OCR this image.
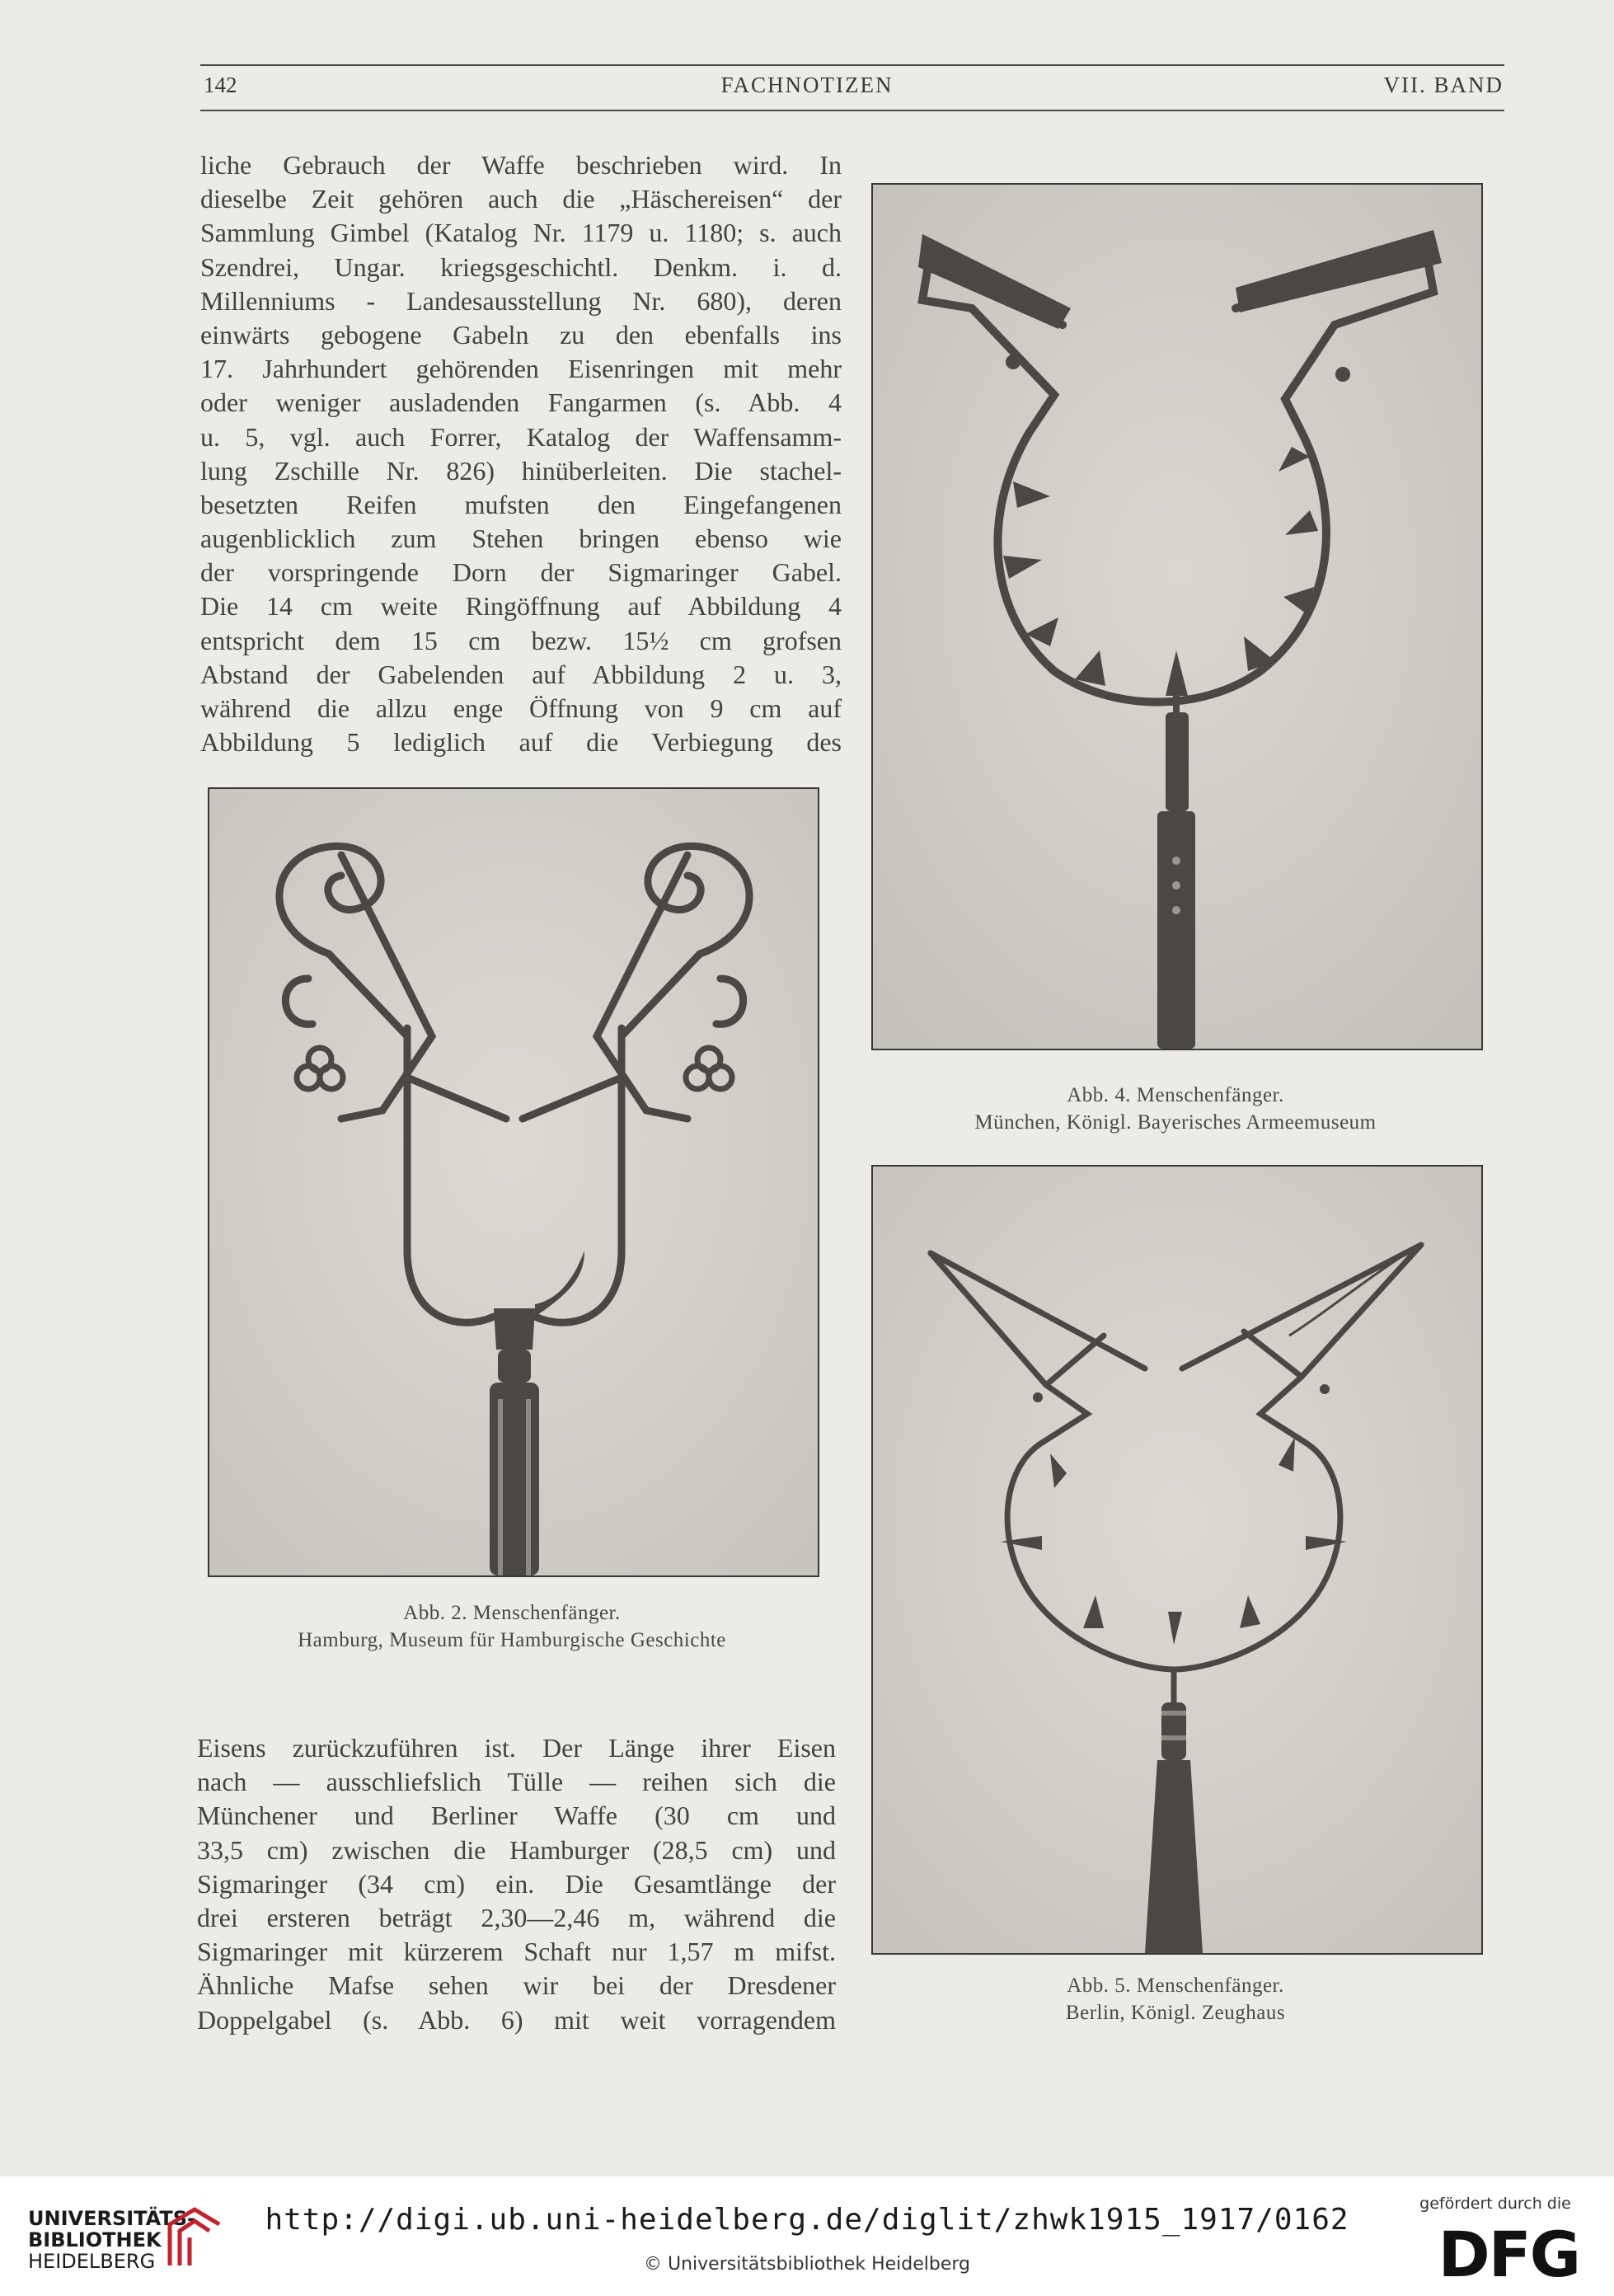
142	FACHNOTIZEN	VII. BAND
liche Gebrauch der Waffe beschrieben wird. In
dieselbe Zeit gehören auch die „Häschereisen“ der
Sammlung Gimbel (Katalog Nr. 1179 u. 1180; s. auch
Szendrei, Ungar. kriegsgeschichtl. Denkm. i. d.
Millenniums - Landesausstellung Nr. 680), deren
einwärts gebogene Gabeln zu den ebenfalls ins
17. Jahrhundert gehörenden Eisenringen mit mehr
oder weniger ausladenden Fangarmen (s. Abb. 4
u. 5, vgl. auch Forrer, Katalog der Waffensamm-
lung Zschille Nr. 826) hinüberleiten. Die stachel-
besetzten Reifen mufsten den Eingefangenen
augenblicklich zum Stehen bringen ebenso wie
der vorspringende Dorn der Sigmaringer Gabel.
Die 14 cm weite Ringöffnung auf Abbildung 4
entspricht dem 15 cm bezw. 15½ cm grofsen
Abstand der Gabelenden auf Abbildung 2 u. 3,
während die allzu enge Öffnung von 9 cm auf
Abbildung 5 lediglich auf die Verbiegung des
Abb. 4. Menschenfänger.
München, Königl. Bayerisches Armeemuseum
Abb. 2. Menschenfänger.
Hamburg, Museum für Hamburgische Geschichte
Abb. 5. Menschenfänger.
Berlin, Königl. Zeughaus
Eisens zurückzuführen ist. Der Länge ihrer Eisen
nach — ausschliefslich Tülle — reihen sich die
Münchener und Berliner Waffe (30 cm und
33,5 cm) zwischen die Hamburger (28,5 cm) und
Sigmaringer (34 cm) ein. Die Gesamtlänge der
drei ersteren beträgt 2,30—2,46 m, während die
Sigmaringer mit kürzerem Schaft nur 1,57 m mifst.
Ähnliche Mafse sehen wir bei der Dresdener
Doppelgabel (s. Abb. 6) mit weit vorragendem
UNIVERSITÄTS-
BIBLIOTHEK
HEIDELBERG
http://digi.ub.uni-heidelberg.de/diglit/zhwk1915_1917/0162
© Universitätsbibliothek Heidelberg
gefördert durch die
DFG
